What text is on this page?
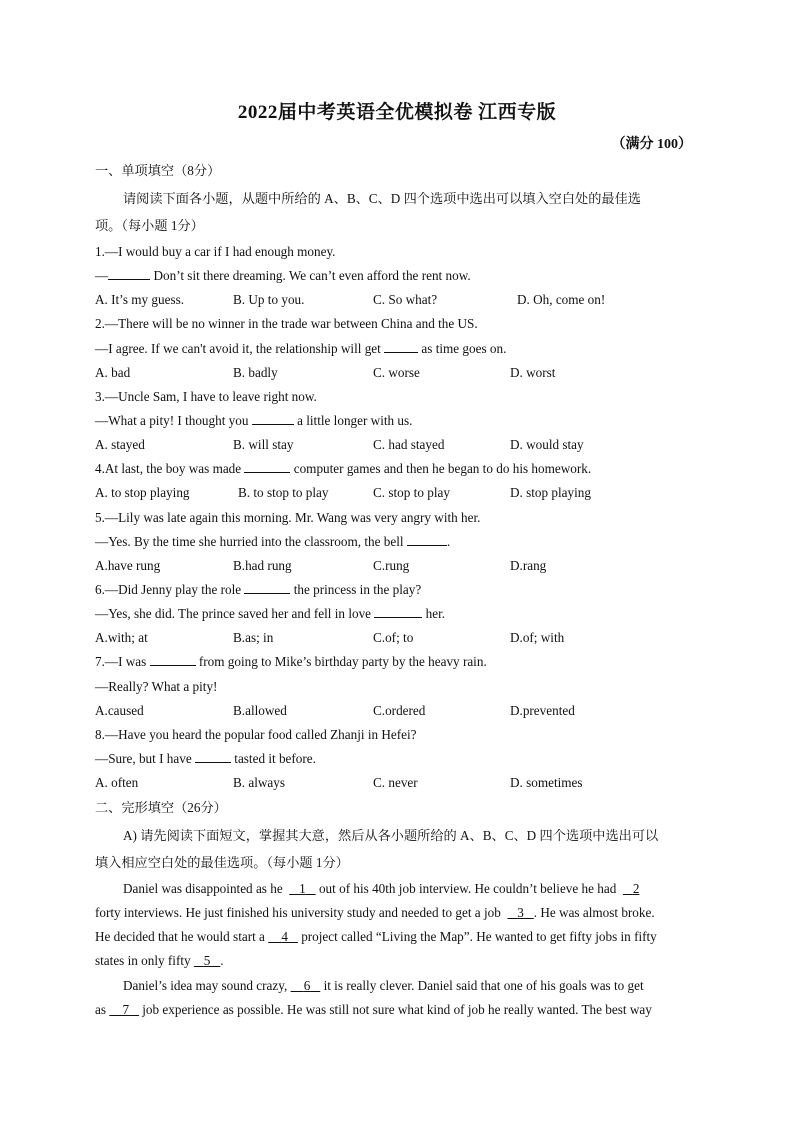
2022届中考英语全优模拟卷 江西专版
（满分 100）
一、单项填空（8分）
请阅读下面各小题，从题中所给的 A、B、C、D 四个选项中选出可以填入空白处的最佳选
项。（每小题 1分）
1.—I would buy a car if I had enough money.
—	Don’t sit there dreaming. We can’t even afford the rent now.
A. It’s my guess.	B. Up to you.	C. So what?	D. Oh, come on!
2.—There will be no winner in the trade war between China and the US.
—I agree. If we can't avoid it, the relationship will get	as time goes on.
A. bad	B. badly	C. worse	D. worst
3.—Uncle Sam, I have to leave right now.
—What a pity! I thought you	a little longer with us.
A. stayed	B. will stay	C. had stayed	D. would stay
4.At last, the boy was made	computer games and then he began to do his homework.
A. to stop playing	B. to stop to play	C. stop to play	D. stop playing
5.—Lily was late again this morning. Mr. Wang was very angry with her.
—Yes. By the time she hurried into the classroom, the bell	.
A.have rung	B.had rung	C.rung	D.rang
6.—Did Jenny play the role	the princess in the play?
—Yes, she did. The prince saved her and fell in love	her.
A.with; at	B.as; in	C.of; to	D.of; with
7.—I was	from going to Mike’s birthday party by the heavy rain.
—Really? What a pity!
A.caused	B.allowed	C.ordered	D.prevented
8.—Have you heard the popular food called Zhanji in Hefei?
—Sure, but I have	tasted it before.
A. often	B. always	C. never	D. sometimes
二、完形填空（26分）
A) 请先阅读下面短文，掌握其大意，然后从各小题所给的 A、B、C、D 四个选项中选出可以
填入相应空白处的最佳选项。（每小题 1分）
Daniel was disappointed as he     1    out of his 40th job interview. He couldn’t believe he had     2
forty interviews. He just finished his university study and needed to get a job     3 . He was almost broke.
He decided that he would start a     4    project called “Living the Map”. He wanted to get fifty jobs in fifty
states in only fifty    5 .
Daniel’s idea may sound crazy,     6    it is really clever. Daniel said that one of his goals was to get
as     7    job experience as possible. He was still not sure what kind of job he really wanted. The best way
